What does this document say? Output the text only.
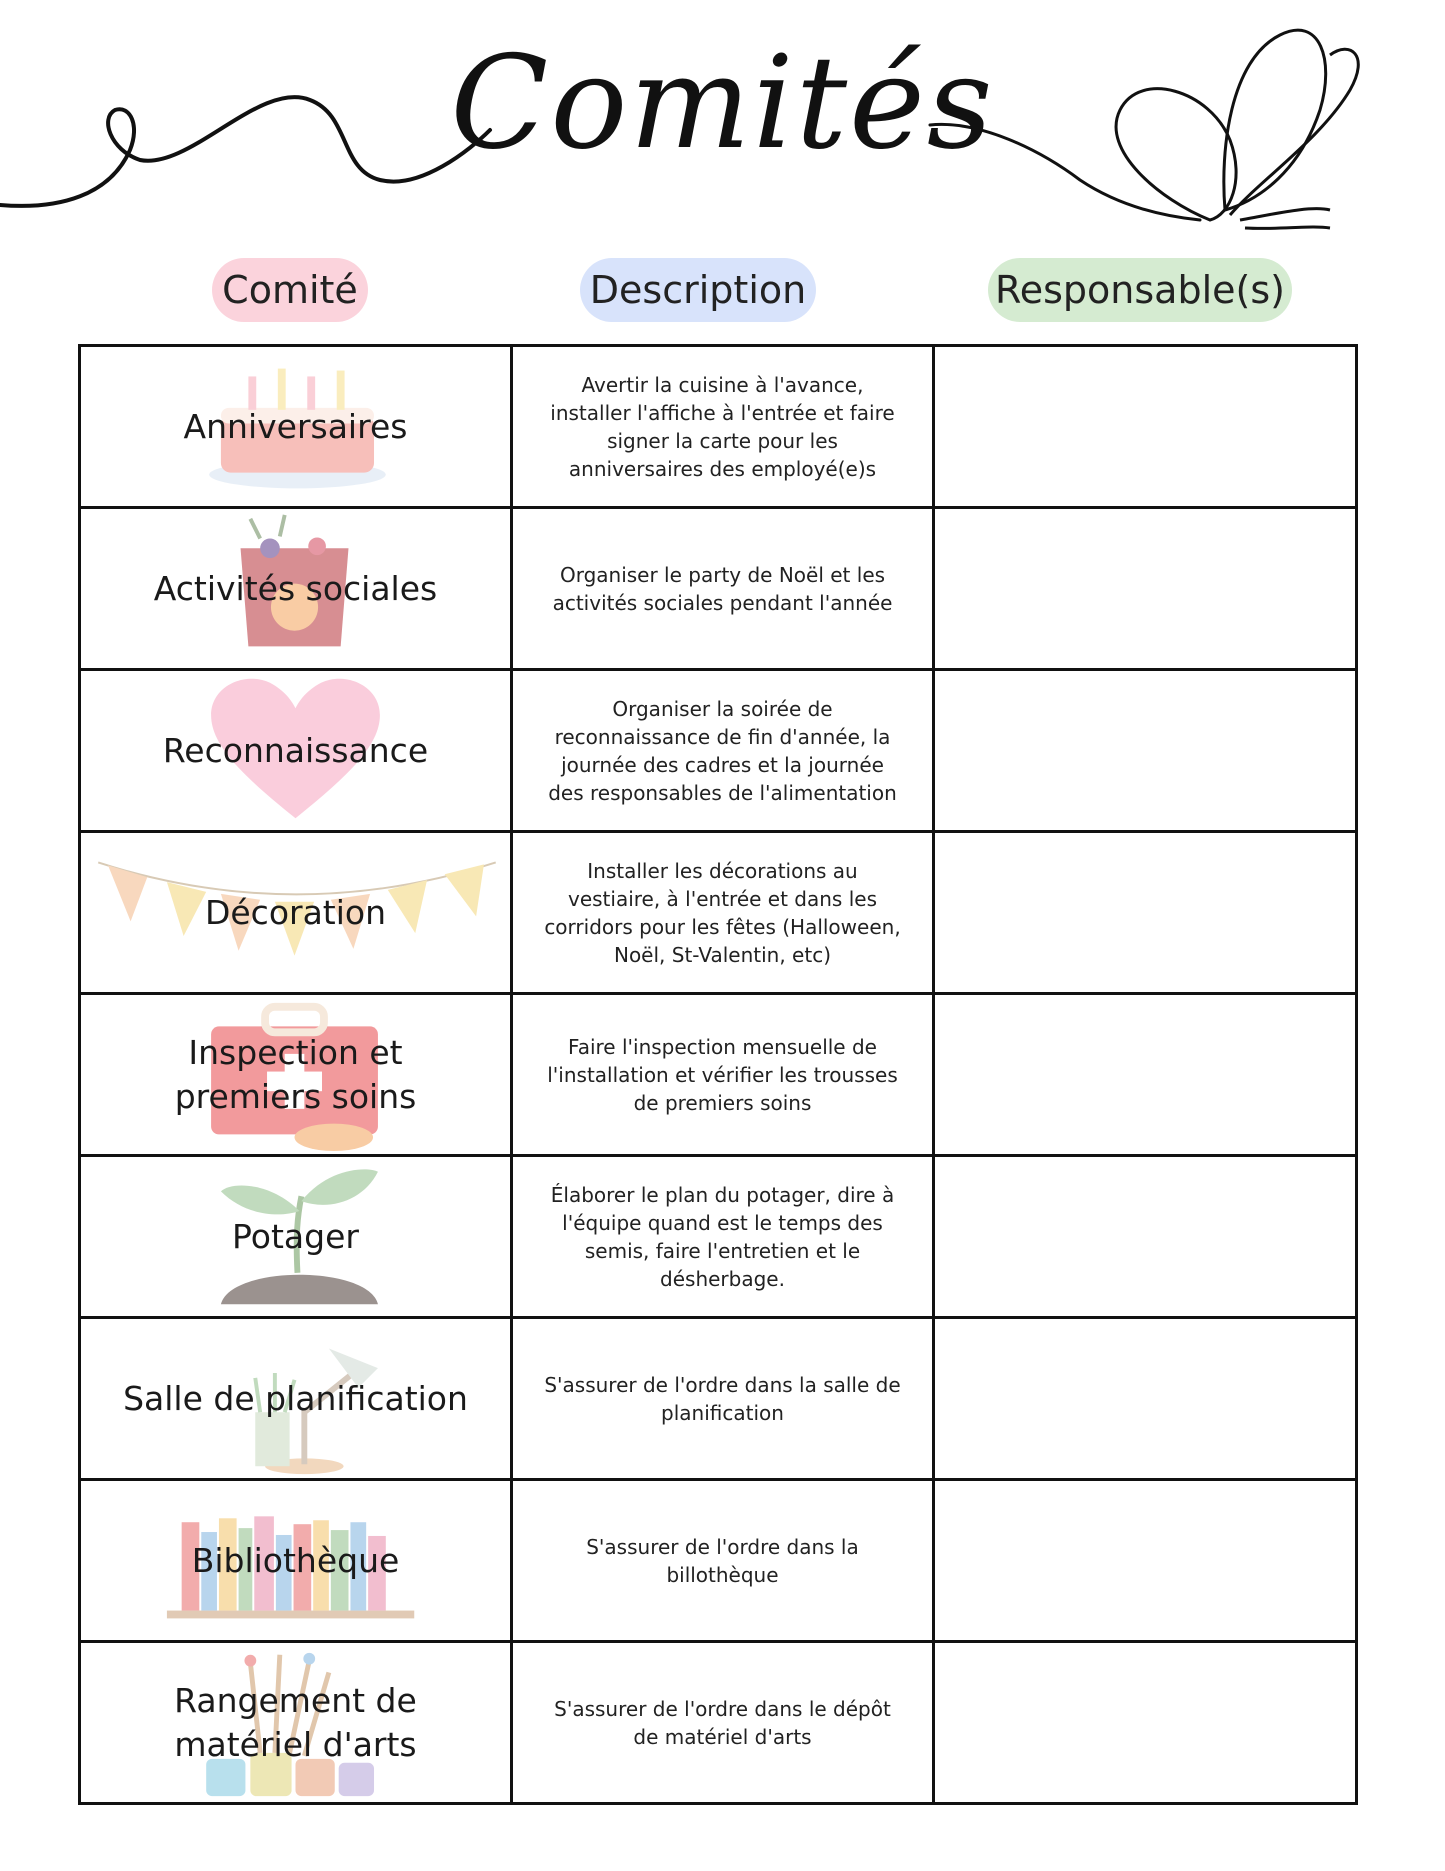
Comités
Comité	Description	Responsable(s)
Anniversaires	Avertir la cuisine à l'avance, installer l'affiche à l'entrée et faire signer la carte pour les anniversaires des employé(e)s	

Activités sociales	Organiser le party de Noël et les activités sociales pendant l'année	

Reconnaissance	Organiser la soirée de reconnaissance de fin d'année, la journée des cadres et la journée des responsables de l'alimentation	

Décoration	Installer les décorations au vestiaire, à l'entrée et dans les corridors pour les fêtes (Halloween, Noël, St-Valentin, etc)	

Inspection et premiers soins	Faire l'inspection mensuelle de l'installation et vérifier les trousses de premiers soins	

Potager	Élaborer le plan du potager, dire à l'équipe quand est le temps des semis, faire l'entretien et le désherbage.	

Salle de planification	S'assurer de l'ordre dans la salle de planification	

Bibliothèque	S'assurer de l'ordre dans la billothèque	

Rangement de matériel d'arts	S'assurer de l'ordre dans le dépôt de matériel d'arts	
